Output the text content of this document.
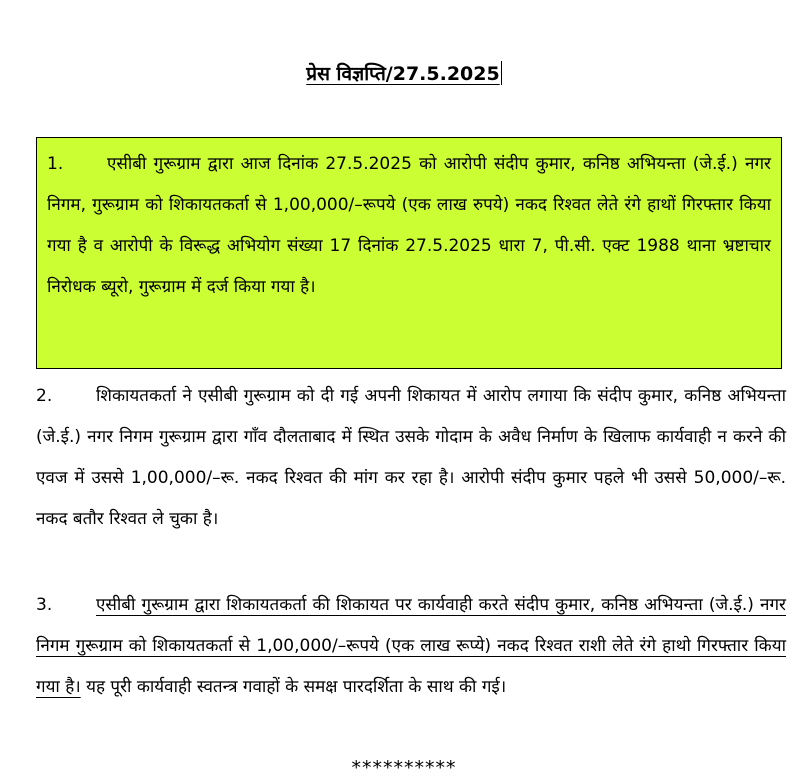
प्रेस विज्ञप्ति/27.5.2025
1.	एसीबी गुरूग्राम द्वारा आज दिनांक 27.5.2025 को आरोपी संदीप कुमार, कनिष्ठ अभियन्ता (जे.ई.) नगर निगम, गुरूग्राम को शिकायतकर्ता से 1,00,000/–रूपये (एक लाख रुपये) नकद रिश्वत लेते रंगे हाथों गिरफ्तार किया गया है व आरोपी के विरूद्ध अभियोग संख्या 17 दिनांक 27.5.2025 धारा 7, पी.सी. एक्ट 1988 थाना भ्रष्टाचार निरोधक ब्यूरो, गुरूग्राम में दर्ज किया गया है।
2.	शिकायतकर्ता ने एसीबी गुरूग्राम को दी गई अपनी शिकायत में आरोप लगाया कि संदीप कुमार, कनिष्ठ अभियन्ता (जे.ई.) नगर निगम गुरूग्राम द्वारा गाँव दौलताबाद में स्थित उसके गोदाम के अवैध निर्माण के खिलाफ कार्यवाही न करने की एवज में उससे 1,00,000/–रू. नकद रिश्वत की मांग कर रहा है। आरोपी संदीप कुमार पहले भी उससे 50,000/–रू. नकद बतौर रिश्वत ले चुका है।
3.	एसीबी गुरूग्राम द्वारा शिकायतकर्ता की शिकायत पर कार्यवाही करते संदीप कुमार, कनिष्ठ अभियन्ता (जे.ई.) नगर निगम गुरूग्राम को शिकायतकर्ता से 1,00,000/–रूपये (एक लाख रूप्ये) नकद रिश्वत राशी लेते रंगे हाथो गिरफ्तार किया गया है। यह पूरी कार्यवाही स्वतन्त्र गवाहों के समक्ष पारदर्शिता के साथ की गई।
**********
